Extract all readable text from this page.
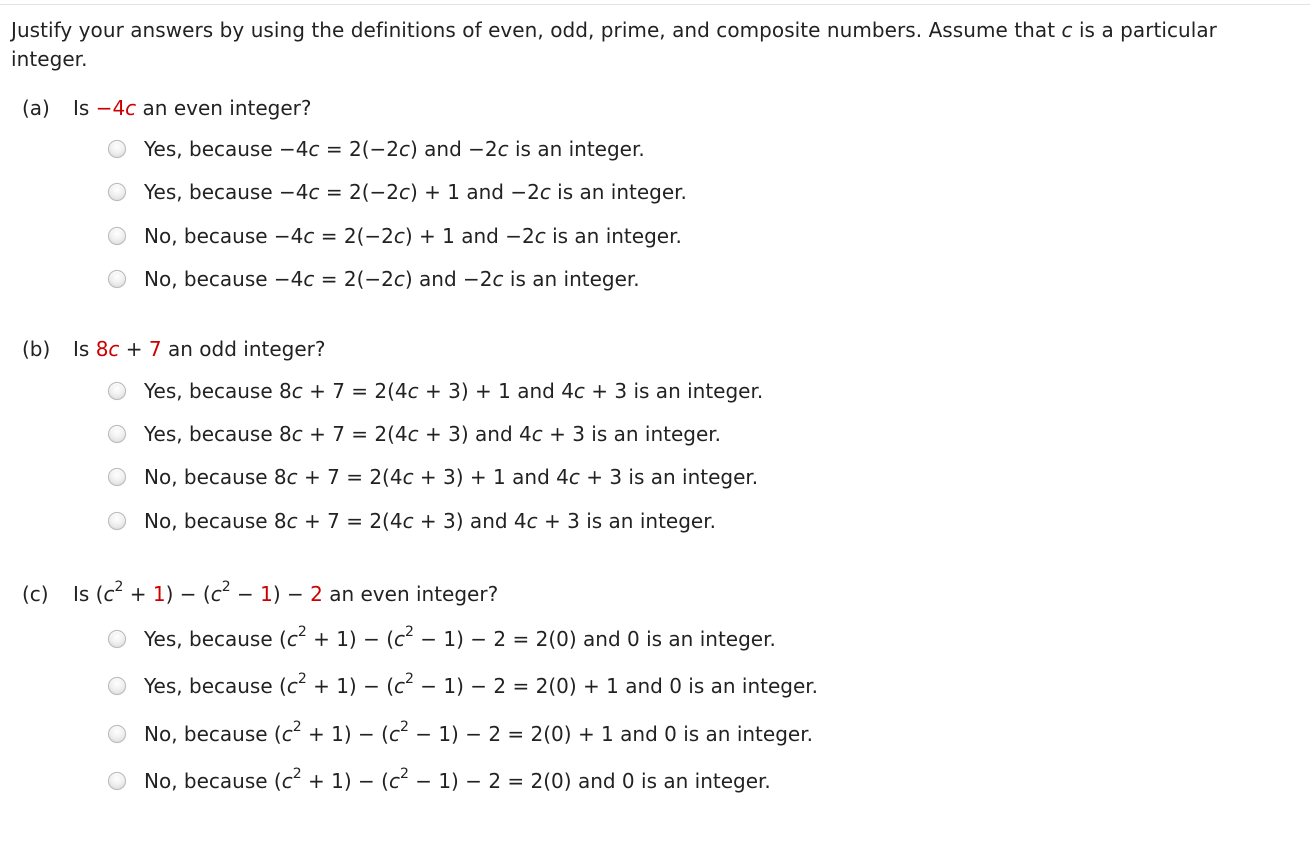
Justify your answers by using the definitions of even, odd, prime, and composite numbers. Assume that c is a particular
integer.
(a) Is −4c an even integer?
Yes, because −4c = 2(−2c) and −2c is an integer.
Yes, because −4c = 2(−2c) + 1 and −2c is an integer.
No, because −4c = 2(−2c) + 1 and −2c is an integer.
No, because −4c = 2(−2c) and −2c is an integer.
(b) Is 8c + 7 an odd integer?
Yes, because 8c + 7 = 2(4c + 3) + 1 and 4c + 3 is an integer.
Yes, because 8c + 7 = 2(4c + 3) and 4c + 3 is an integer.
No, because 8c + 7 = 2(4c + 3) + 1 and 4c + 3 is an integer.
No, because 8c + 7 = 2(4c + 3) and 4c + 3 is an integer.
(c) Is $(c^2 + 1) - (c^2 - 1) - 2$ an even integer?
Yes, because $(c^2 + 1) - (c^2 - 1) - 2 = 2(0)$ and 0 is an integer.
Yes, because $(c^2 + 1) - (c^2 - 1) - 2 = 2(0) + 1$ and 0 is an integer.
No, because $(c^2 + 1) - (c^2 - 1) - 2 = 2(0) + 1$ and 0 is an integer.
No, because $(c^2 + 1) - (c^2 - 1) - 2 = 2(0)$ and 0 is an integer.
